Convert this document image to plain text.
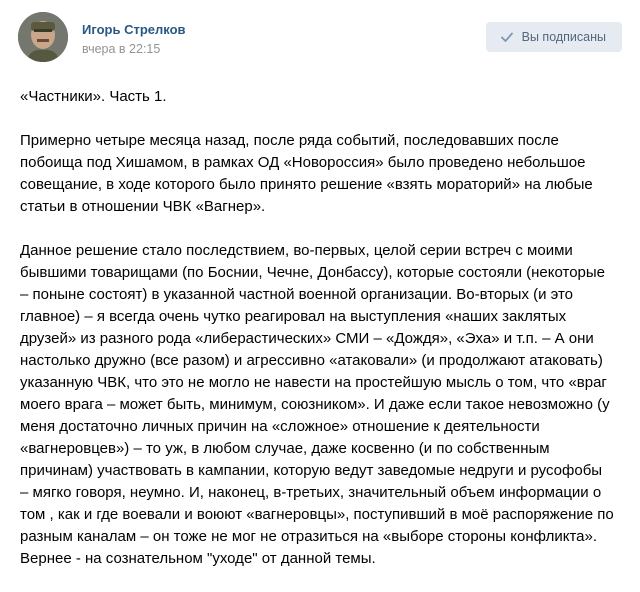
Игорь Стрелков
вчера в 22:15
Вы подписаны

«Частники». Часть 1.

Примерно четыре месяца назад, после ряда событий, последовавших после
побоища под Хишамом, в рамках ОД «Новороссия» было проведено небольшое
совещание, в ходе которого было принято решение «взять мораторий» на любые
статьи в отношении ЧВК «Вагнер».

Данное решение стало последствием, во-первых, целой серии встреч с моими
бывшими товарищами (по Боснии, Чечне, Донбассу), которые состояли (некоторые
– поныне состоят) в указанной частной военной организации. Во-вторых (и это
главное) – я всегда очень чутко реагировал на выступления «наших заклятых
друзей» из разного рода «либерастических» СМИ – «Дождя», «Эха» и т.п. – А они
настолько дружно (все разом) и агрессивно «атаковали» (и продолжают атаковать)
указанную ЧВК, что это не могло не навести на простейшую мысль о том, что «враг
моего врага – может быть, минимум, союзником». И даже если такое невозможно (у
меня достаточно личных причин на «сложное» отношение к деятельности
«вагнеровцев») – то уж, в любом случае, даже косвенно (и по собственным
причинам) участвовать в кампании, которую ведут заведомые недруги и русофобы
– мягко говоря, неумно. И, наконец, в-третьих, значительный объем информации о
том , как и где воевали и воюют «вагнеровцы», поступивший в моё распоряжение по
разным каналам – он тоже не мог не отразиться на «выборе стороны конфликта».
Вернее - на сознательном "уходе" от данной темы.
